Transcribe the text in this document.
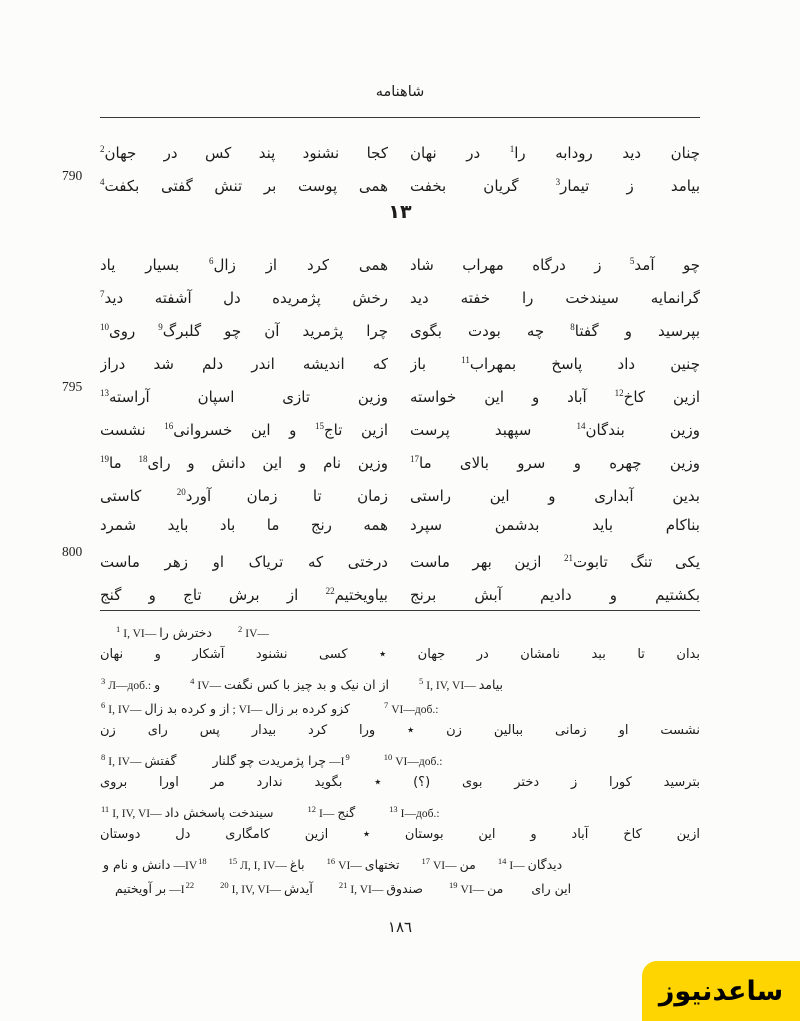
شاهنامه
کجا نشنود پند کس در جهان$^2$	چنان دید رودابه را$^1$ در نهان
790
همی پوست بر تنش گفتی بکفت$^4$	بیامد ز تیمار$^3$ گریان بخفت
۱۳
همی کرد از زال$^6$ بسیار یاد	چو آمد$^5$ ز درگاه مهراب شاد
رخش پژمریده دل آشفته دید$^7$	گرانمایه سیندخت را خفته دید
چرا پژمرید آن چو گلبرگ$^9$ روی$^{10}$	بپرسید و گفتا$^8$ چه بودت بگوی
که اندیشه اندر دلم شد دراز	چنین داد پاسخ بمهراب$^{11}$ باز
795
وزین تازی اسپان آراسته$^{13}$	ازین کاخ$^{12}$ آباد و این خواسته
ازین تاج$^{15}$ و این خسروانی$^{16}$ نشست	وزین بندگان$^{14}$ سپهبد پرست
وزین نام و این دانش و رای$^{18}$ ما$^{19}$	وزین چهره و سرو بالای ما$^{17}$
زمان تا زمان آورد$^{20}$ کاستی	بدین آبداری و این راستی
همه رنج ما باد باید شمرد بناکام باید بدشمن سپرد
800
درختی که تریاک او زهر ماست	یکی تنگ تابوت$^{21}$ ازین بهر ماست
بیاویختیم$^{22}$ از برش تاج و گنج	بکشتیم و دادیم آبش برنج
$^1$ I, VI— دخترش را	$^2$ IV—
بدان تا ببد نامشان در جهان ٭ کسی نشنود آشکار و نهان
$^3$ Л—доб.: و	$^4$ IV— از ان نیک و بد چیز با کس نگفت	$^5$ I, IV, VI— بیامد
$^6$ I, IV— از و کرده بد زال ; VI— کزو کرده بر زال	$^7$ VI—доб.:
نشست او زمانی ببالین زن ٭ ورا کرد بیدار پس رای زن
$^8$ I, IV— گفتش	چرا پژمریدت چو گلنار $—I^9$	$^{10}$ VI—доб.:
بترسید کورا ز دختر بوی (؟) ٭ بگوید ندارد مر اورا بروی
$^{11}$ I, IV, VI— سیندخت پاسخش داد	$^{12}$ I— گنج	$^{13}$ I—доб.:
ازین کاخ آباد و این بوستان ٭ ازین کامگاری دل دوستان
دانش و نام و —IV$^{18}$	$^{15}$ Л, I, IV— باغ	$^{16}$ VI— تختهای	$^{17}$ VI— من	$^{14}$ I— دیدگان
بر آویختیم $—I^{22}$	$^{20}$ I, IV, VI— آیدش	$^{21}$ I, VI— صندوق	$^{19}$ VI— من این رای
١٨٦
ساعدنیوز
